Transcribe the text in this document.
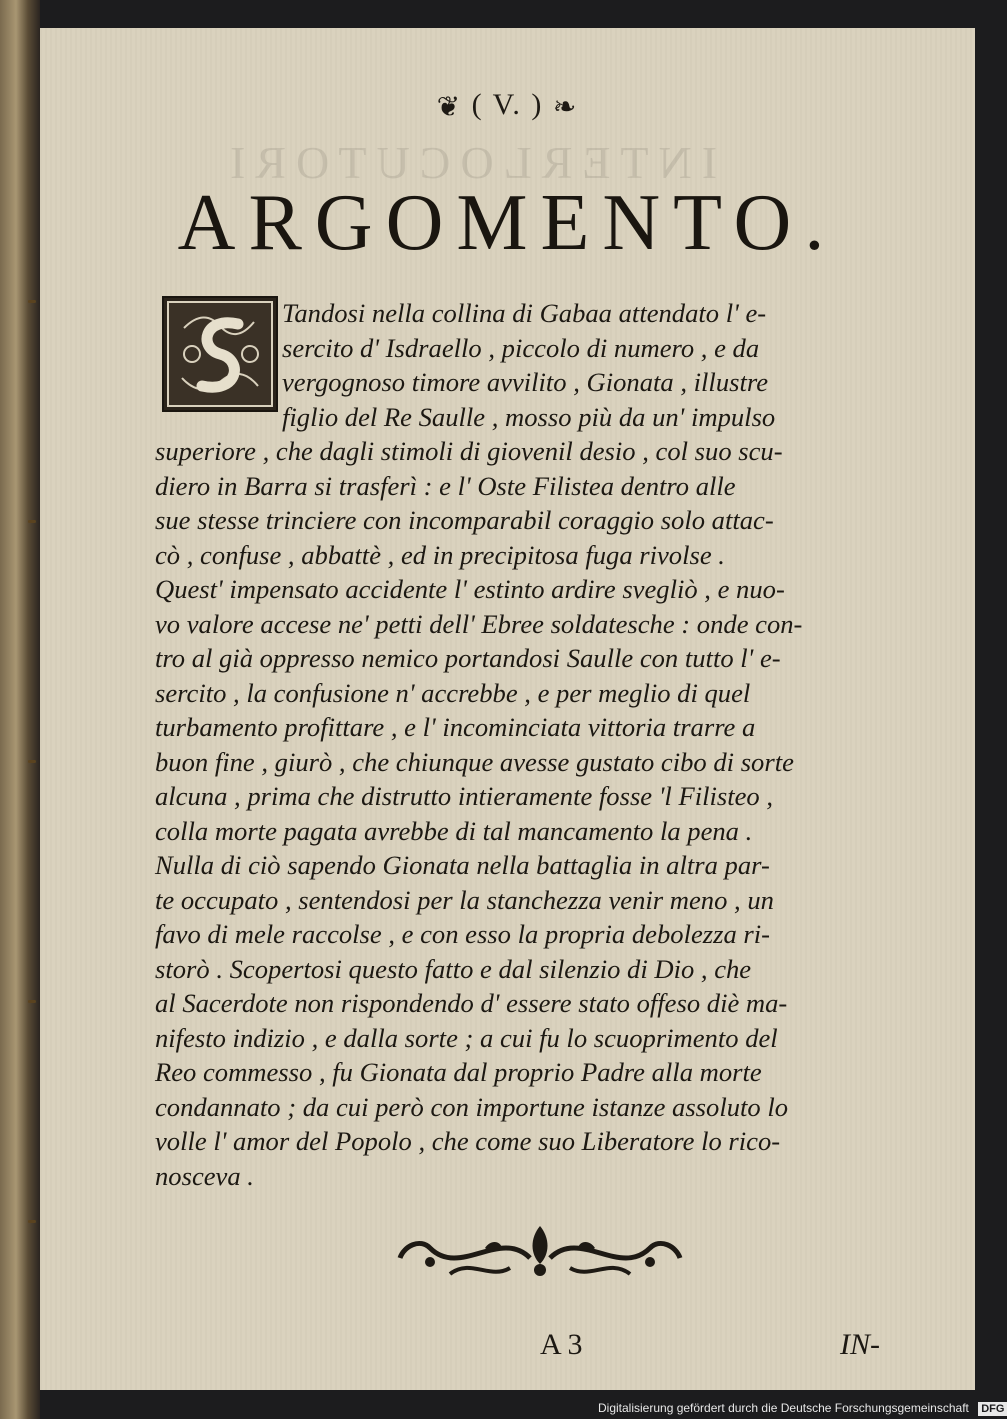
INTERLOCUTORI
❦ ( V. ) ❧
ARGOMENTO.
Tandosi nella collina di Gabaa attendato l' e-
sercito d' Isdraello , piccolo di numero , e da
vergognoso timore avvilito , Gionata , illustre
figlio del Re Saulle , mosso più da un' impulso
superiore , che dagli stimoli di giovenil desio , col suo scu-
diero in Barra si trasferì : e l' Oste Filistea dentro alle
sue stesse trinciere con incomparabil coraggio solo attac-
cò , confuse , abbattè , ed in precipitosa fuga rivolse .
Quest' impensato accidente l' estinto ardire svegliò , e nuo-
vo valore accese ne' petti dell' Ebree soldatesche : onde con-
tro al già oppresso nemico portandosi Saulle con tutto l' e-
sercito , la confusione n' accrebbe , e per meglio di quel
turbamento profittare , e l' incominciata vittoria trarre a
buon fine , giurò , che chiunque avesse gustato cibo di sorte
alcuna , prima che distrutto intieramente fosse 'l Filisteo ,
colla morte pagata avrebbe di tal mancamento la pena .
Nulla di ciò sapendo Gionata nella battaglia in altra par-
te occupato , sentendosi per la stanchezza venir meno , un
favo di mele raccolse , e con esso la propria debolezza ri-
storò . Scopertosi questo fatto e dal silenzio di Dio , che
al Sacerdote non rispondendo d' essere stato offeso diè ma-
nifesto indizio , e dalla sorte ; a cui fu lo scuoprimento del
Reo commesso , fu Gionata dal proprio Padre alla morte
condannato ; da cui però con importune istanze assoluto lo
volle l' amor del Popolo , che come suo Liberatore lo rico-
nosceva .
A 3	IN-
Digitalisierung gefördert durch die Deutsche Forschungsgemeinschaft DFG
